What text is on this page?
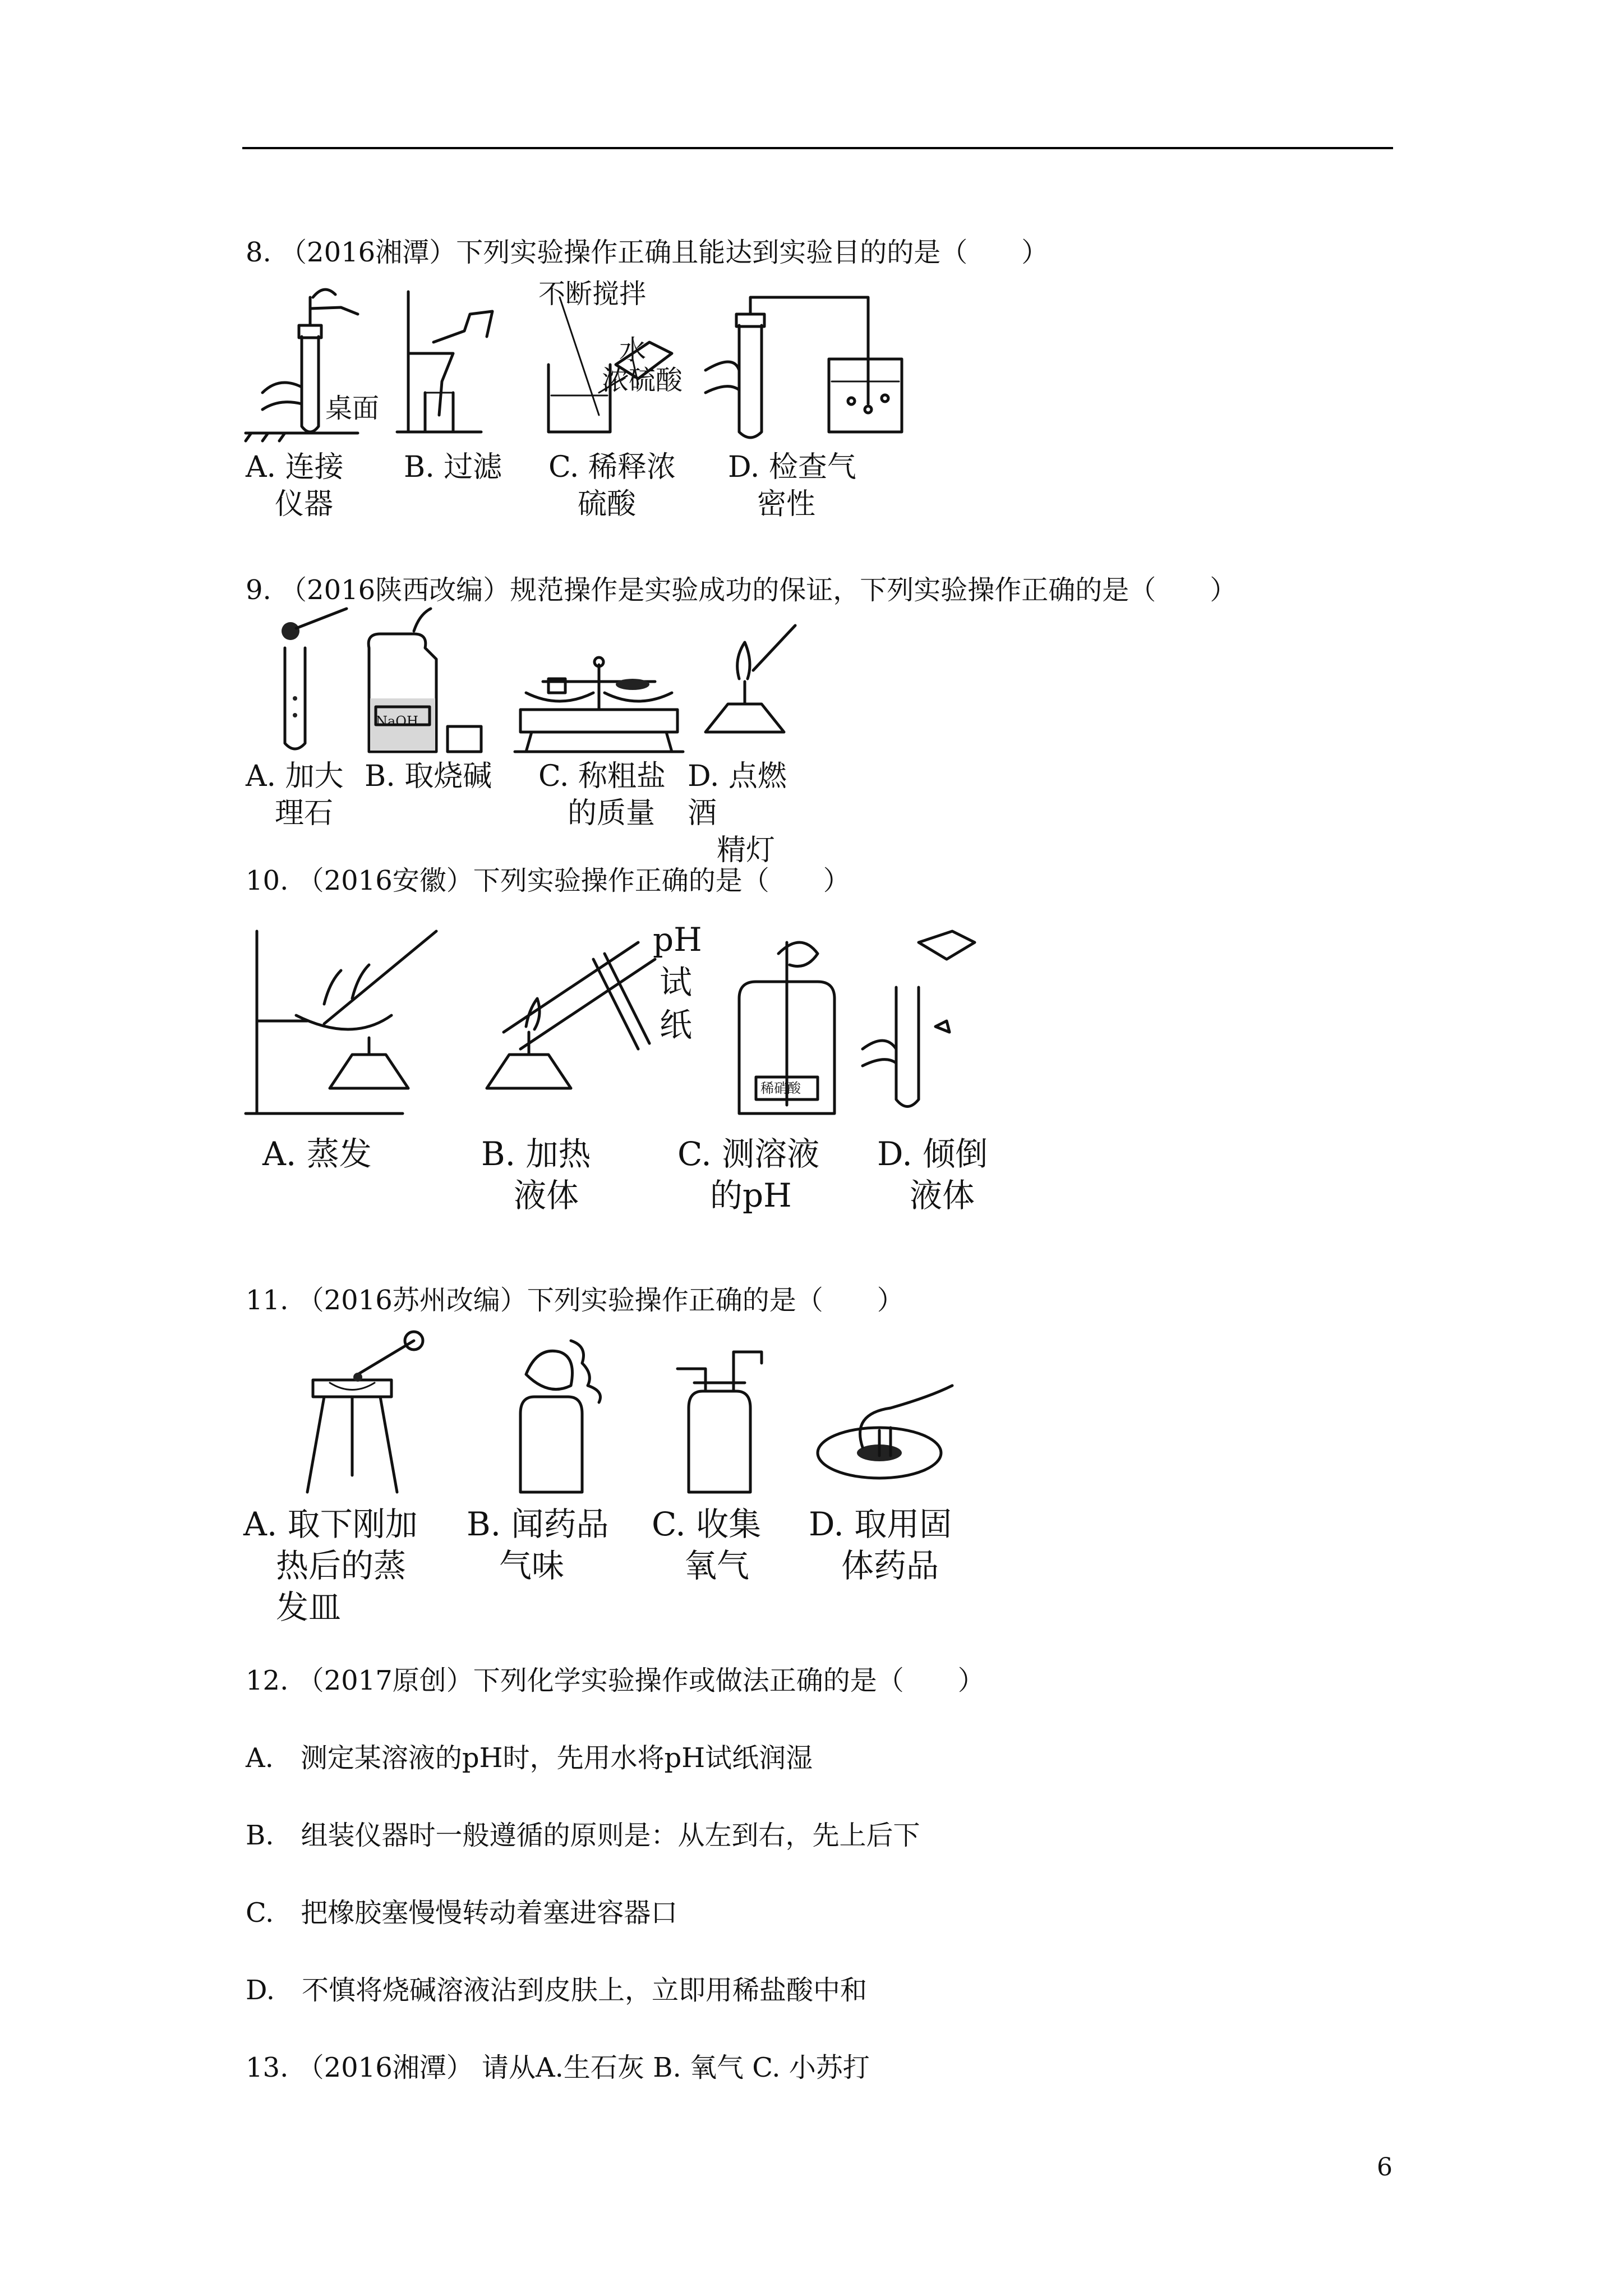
8. （2016湘潭）下列实验操作正确且能达到实验目的的是（　　）
桌面
不断搅拌
水
浓硫酸
A. 连接
　仪器
B. 过滤 C. 稀释浓
　硫酸
D. 检查气
　密性
9. （2016陕西改编）规范操作是实验成功的保证，下列实验操作正确的是（　　）
NaOH
A. 加大
　理石
B. 取烧碱 C. 称粗盐
　的质量
D. 点燃酒
　精灯
10. （2016安徽）下列实验操作正确的是（　　）
pH
试
纸
稀硝酸
A. 蒸发	B. 加热
　液体
C. 测溶液
　的pH
D. 倾倒
　液体
11. （2016苏州改编）下列实验操作正确的是（　　）
A. 取下刚加
　热后的蒸
　发皿
B. 闻药品
　气味
C. 收集
　氧气
D. 取用固
　体药品
12. （2017原创）下列化学实验操作或做法正确的是（　　）
A.　测定某溶液的pH时，先用水将pH试纸润湿
B.　组装仪器时一般遵循的原则是：从左到右，先上后下
C.　把橡胶塞慢慢转动着塞进容器口
D.　不慎将烧碱溶液沾到皮肤上，立即用稀盐酸中和
13. （2016湘潭） 请从A.生石灰 B. 氧气 C. 小苏打
6
